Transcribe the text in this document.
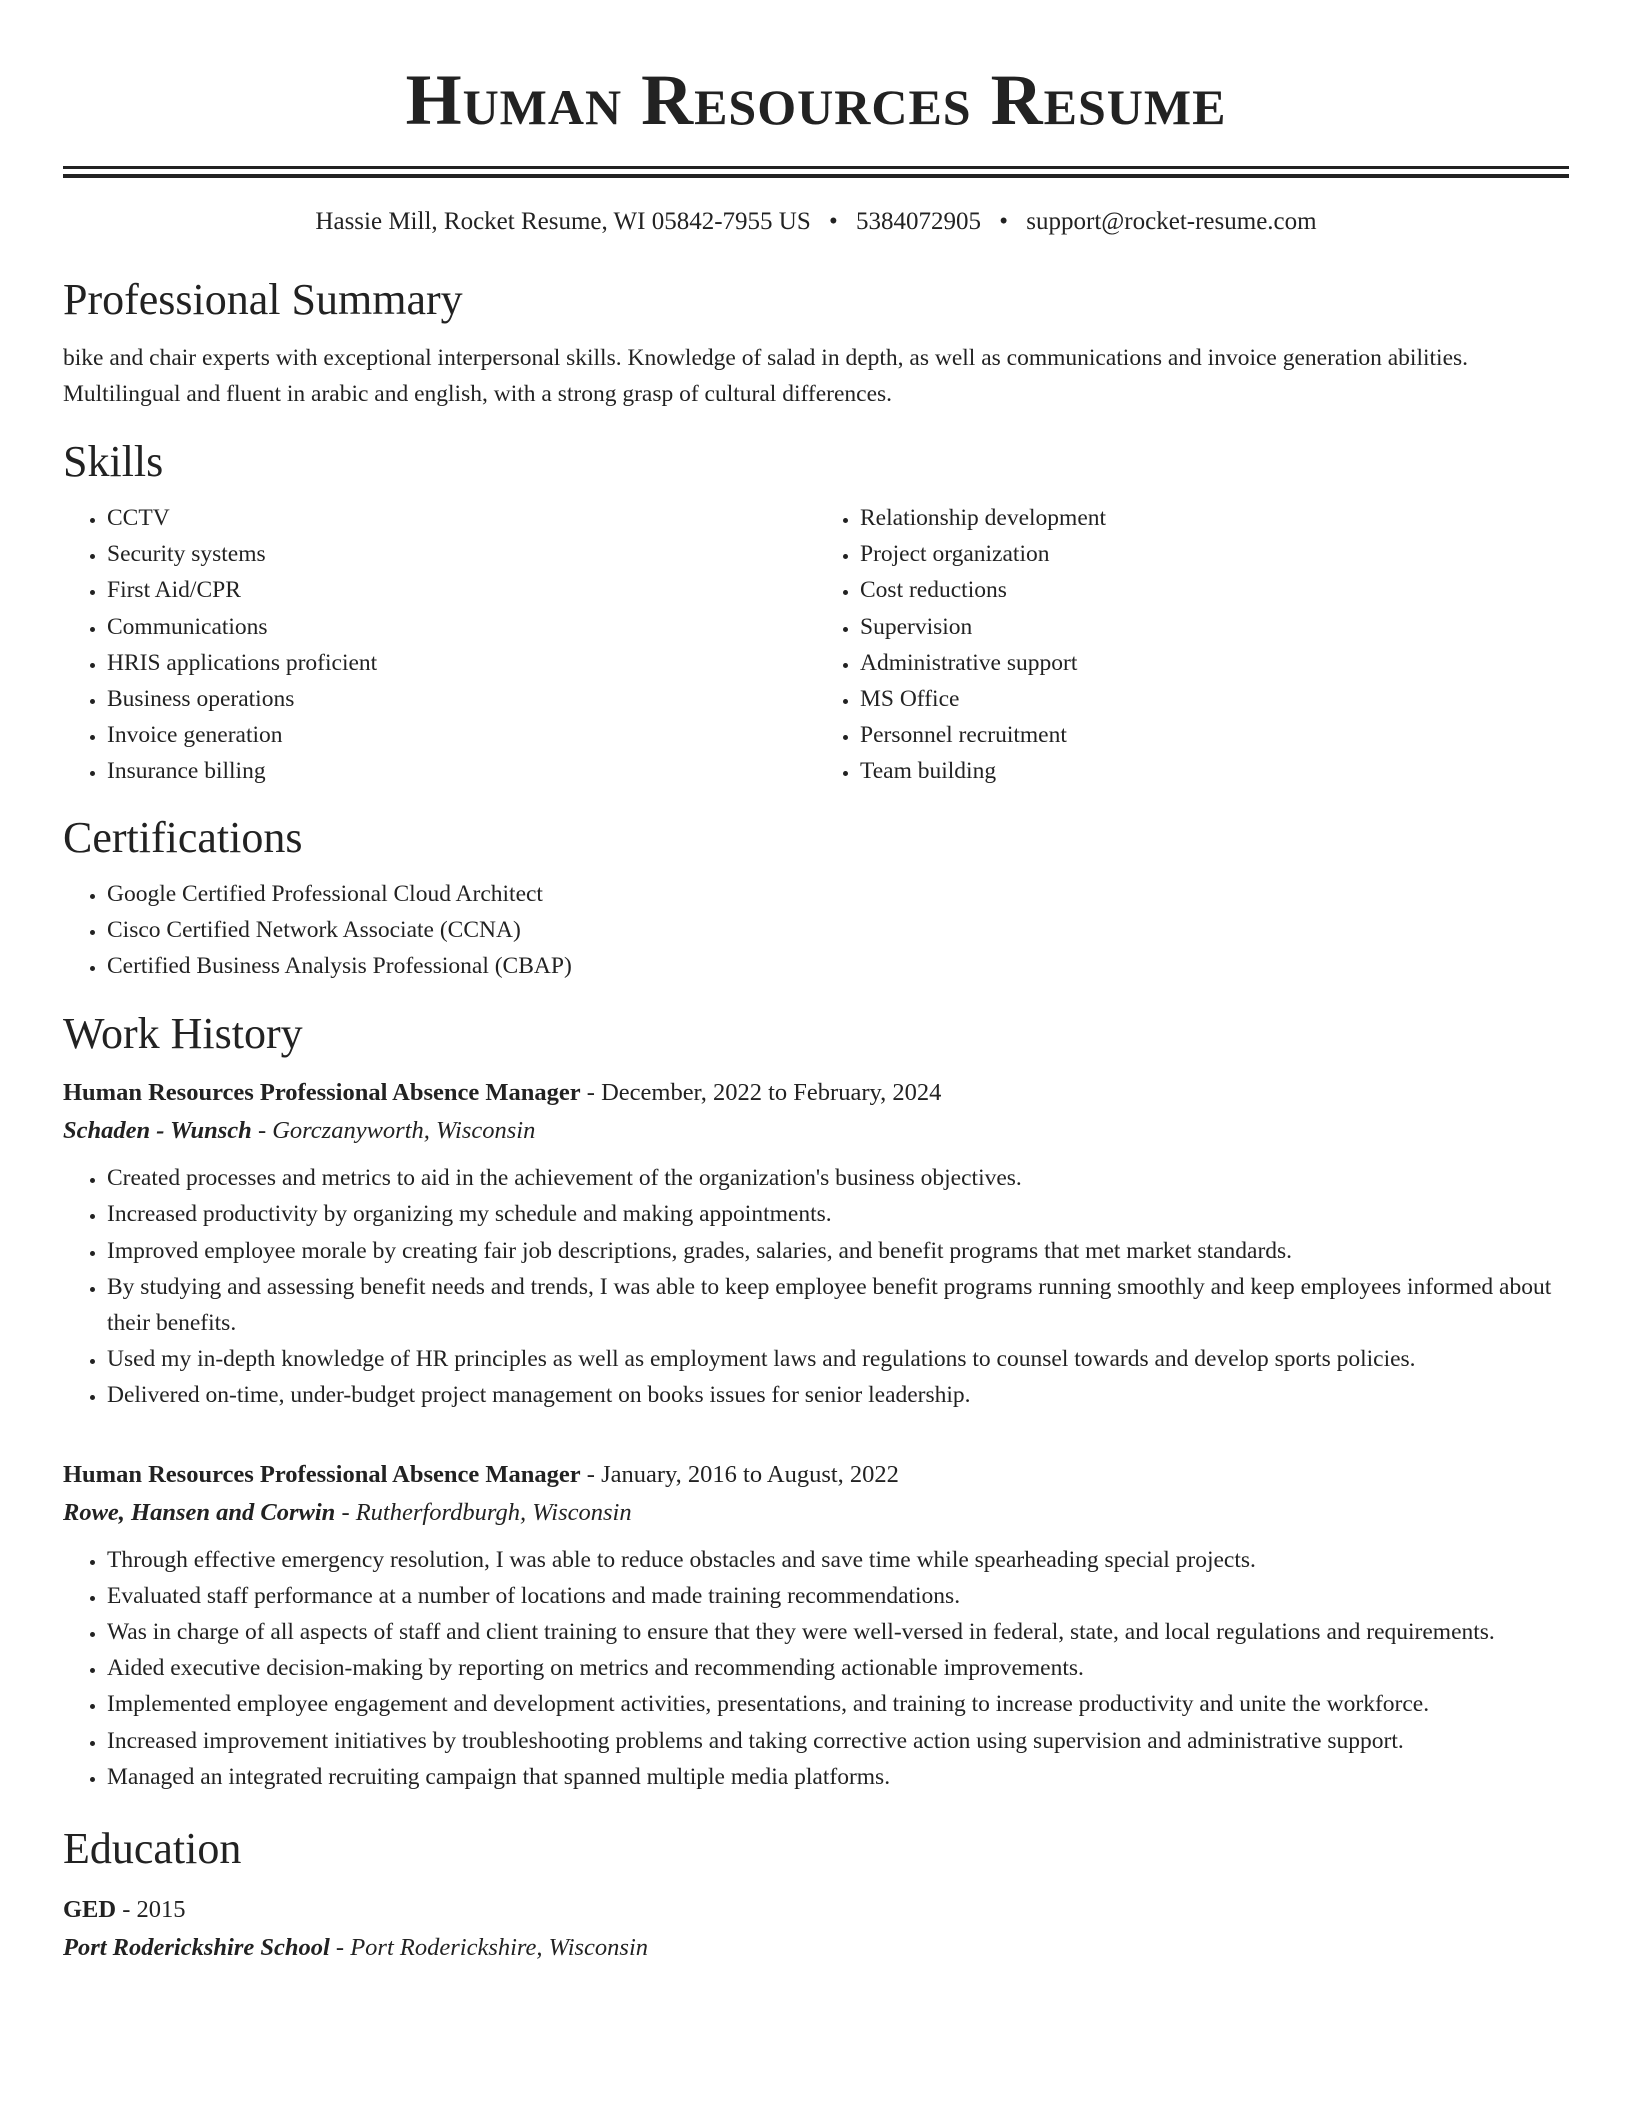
Human Resources Resume
Hassie Mill, Rocket Resume, WI 05842-7955 US • 5384072905 • support@rocket-resume.com
Professional Summary

bike and chair experts with exceptional interpersonal skills. Knowledge of salad in depth, as well as communications and invoice generation abilities. Multilingual and fluent in arabic and english, with a strong grasp of cultural differences.

Skills
• CCTV
• Security systems
• First Aid/CPR
• Communications
• HRIS applications proficient
• Business operations
• Invoice generation
• Insurance billing
• Relationship development
• Project organization
• Cost reductions
• Supervision
• Administrative support
• MS Office
• Personnel recruitment
• Team building
Certifications
• Google Certified Professional Cloud Architect
• Cisco Certified Network Associate (CCNA)
• Certified Business Analysis Professional (CBAP)
Work History
Human Resources Professional Absence Manager - December, 2022 to February, 2024
Schaden - Wunsch - Gorczanyworth, Wisconsin
• Created processes and metrics to aid in the achievement of the organization's business objectives.
• Increased productivity by organizing my schedule and making appointments.
• Improved employee morale by creating fair job descriptions, grades, salaries, and benefit programs that met market standards.
• By studying and assessing benefit needs and trends, I was able to keep employee benefit programs running smoothly and keep employees informed about their benefits.
• Used my in-depth knowledge of HR principles as well as employment laws and regulations to counsel towards and develop sports policies.
• Delivered on-time, under-budget project management on books issues for senior leadership.
Human Resources Professional Absence Manager - January, 2016 to August, 2022
Rowe, Hansen and Corwin - Rutherfordburgh, Wisconsin
• Through effective emergency resolution, I was able to reduce obstacles and save time while spearheading special projects.
• Evaluated staff performance at a number of locations and made training recommendations.
• Was in charge of all aspects of staff and client training to ensure that they were well-versed in federal, state, and local regulations and requirements.
• Aided executive decision-making by reporting on metrics and recommending actionable improvements.
• Implemented employee engagement and development activities, presentations, and training to increase productivity and unite the workforce.
• Increased improvement initiatives by troubleshooting problems and taking corrective action using supervision and administrative support.
• Managed an integrated recruiting campaign that spanned multiple media platforms.
Education
GED - 2015
Port Roderickshire School - Port Roderickshire, Wisconsin
